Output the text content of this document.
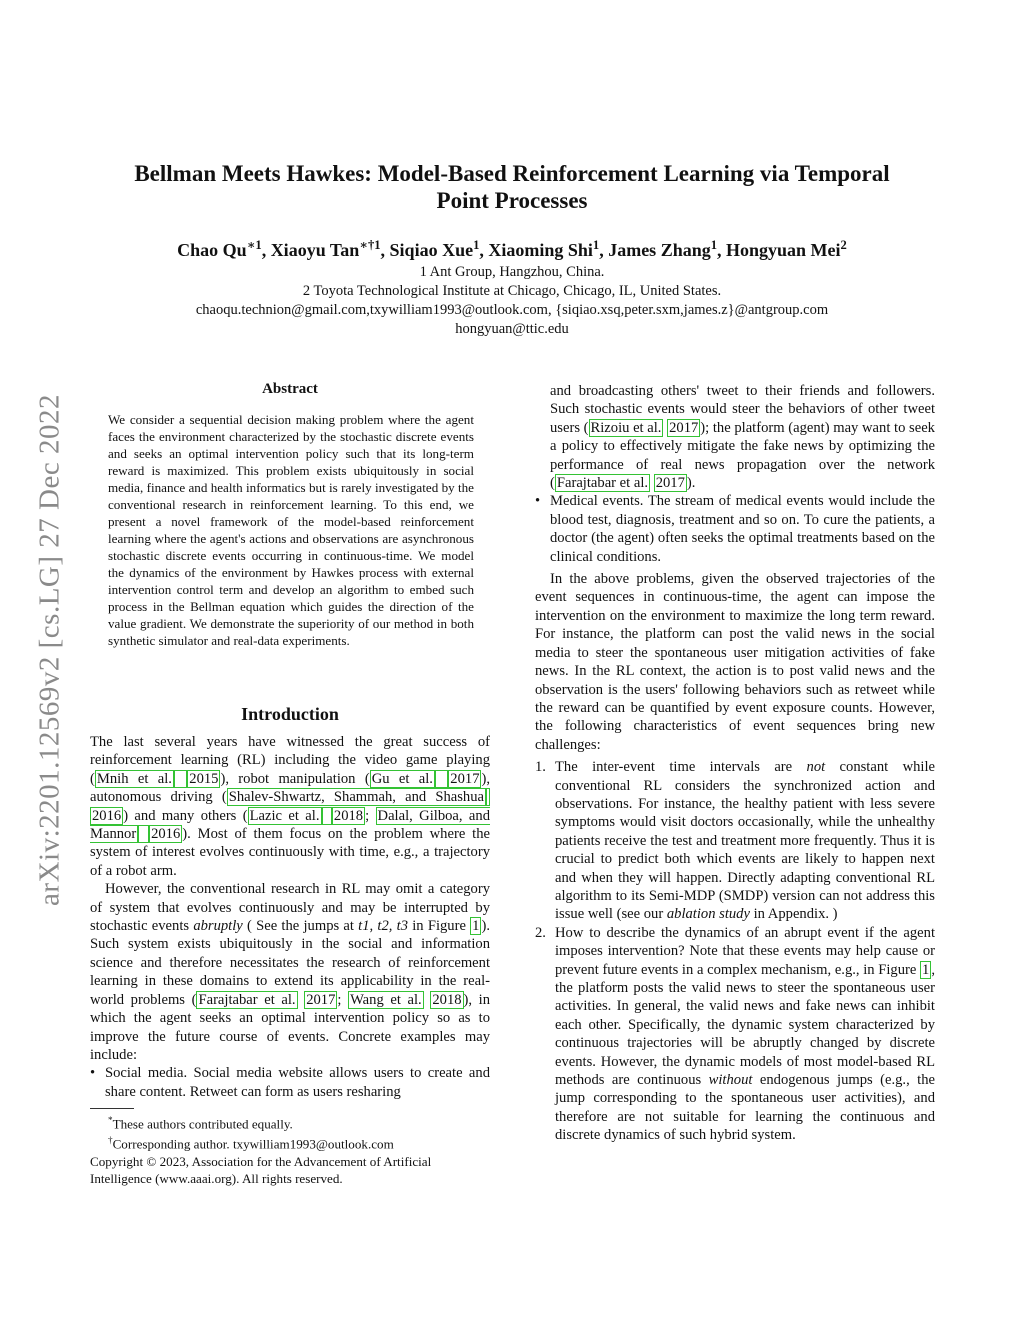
arXiv:2201.12569v2 [cs.LG] 27 Dec 2022
Bellman Meets Hawkes: Model-Based Reinforcement Learning via Temporal
Point Processes
Chao $Qu^{∗1}$, Xiaoyu Tan$^{∗\dagger 1}$, Siqiao Xue$^1$, Xiaoming Shi$^1$, James Zhang$^1$, Hongyuan Mei$^2$
1 Ant Group, Hangzhou, China.
2 Toyota Technological Institute at Chicago, Chicago, IL, United States.
chaoqu.technion@gmail.com,txywilliam1993@outlook.com, {siqiao.xsq,peter.sxm,james.z}@antgroup.com
hongyuan@ttic.edu
Abstract
We consider a sequential decision making problem where the agent faces the environment characterized by the stochastic discrete events and seeks an optimal intervention policy such that its long-term reward is maximized. This problem exists ubiquitously in social media, finance and health informatics but is rarely investigated by the conventional research in reinforcement learning. To this end, we present a novel framework of the model-based reinforcement learning where the agent's actions and observations are asynchronous stochastic discrete events occurring in continuous-time. We model the dynamics of the environment by Hawkes process with external intervention control term and develop an algorithm to embed such process in the Bellman equation which guides the direction of the value gradient. We demonstrate the superiority of our method in both synthetic simulator and real-data experiments.
Introduction

The last several years have witnessed the great success of reinforcement learning (RL) including the video game playing ( Mnih et al. 2015 ), robot manipulation ( Gu et al. 2017 ), autonomous driving ( Shalev-Shwartz, Shammah, and Shashua 2016 ) and many others ( Lazic et al. 2018 ; Dalal, Gilboa, and Mannor 2016 ). Most of them focus on the problem where the system of interest evolves continuously with time, e.g., a trajectory of a robot arm.

However, the conventional research in RL may omit a category of system that evolves continuously and may be interrupted by stochastic events abruptly ( See the jumps at t1, t2, t3 in Figure 1 ). Such system exists ubiquitously in the social and information science and therefore necessitates the research of reinforcement learning in these domains to extend its applicability in the real-world problems ( Farajtabar et al. 2017 ; Wang et al. 2018 ), in which the agent seeks an optimal intervention policy so as to improve the future course of events. Concrete examples may include:

• Social media. Social media website allows users to create and share content. Retweet can form as users resharing

*These authors contributed equally.
†Corresponding author. txywilliam1993@outlook.com
Copyright © 2023, Association for the Advancement of Artificial Intelligence (www.aaai.org). All rights reserved.

and broadcasting others' tweet to their friends and followers. Such stochastic events would steer the behaviors of other tweet users ( Rizoiu et al. 2017 ); the platform (agent) may want to seek a policy to effectively mitigate the fake news by optimizing the performance of real news propagation over the network ( Farajtabar et al. 2017 ).

• Medical events. The stream of medical events would include the blood test, diagnosis, treatment and so on. To cure the patients, a doctor (the agent) often seeks the optimal treatments based on the clinical conditions.

In the above problems, given the observed trajectories of the event sequences in continuous-time, the agent can impose the intervention on the environment to maximize the long term reward. For instance, the platform can post the valid news in the social media to steer the spontaneous user mitigation activities of fake news. In the RL context, the action is to post valid news and the observation is the users' following behaviors such as retweet while the reward can be quantified by event exposure counts. However, the following characteristics of event sequences bring new challenges:

1. The inter-event time intervals are not constant while conventional RL considers the synchronized action and observations. For instance, the healthy patient with less severe symptoms would visit doctors occasionally, while the unhealthy patients receive the test and treatment more frequently. Thus it is crucial to predict both which events are likely to happen next and when they will happen. Directly adapting conventional RL algorithm to its Semi-MDP (SMDP) version can not address this issue well (see our ablation study in Appendix. )

2. How to describe the dynamics of an abrupt event if the agent imposes intervention? Note that these events may help cause or prevent future events in a complex mechanism, e.g., in Figure 1 , the platform posts the valid news to steer the spontaneous user activities. In general, the valid news and fake news can inhibit each other. Specifically, the dynamic system characterized by continuous trajectories will be abruptly changed by discrete events. However, the dynamic models of most model-based RL methods are continuous without endogenous jumps (e.g., the jump corresponding to the spontaneous user activities), and therefore are not suitable for learning the continuous and discrete dynamics of such hybrid system.
